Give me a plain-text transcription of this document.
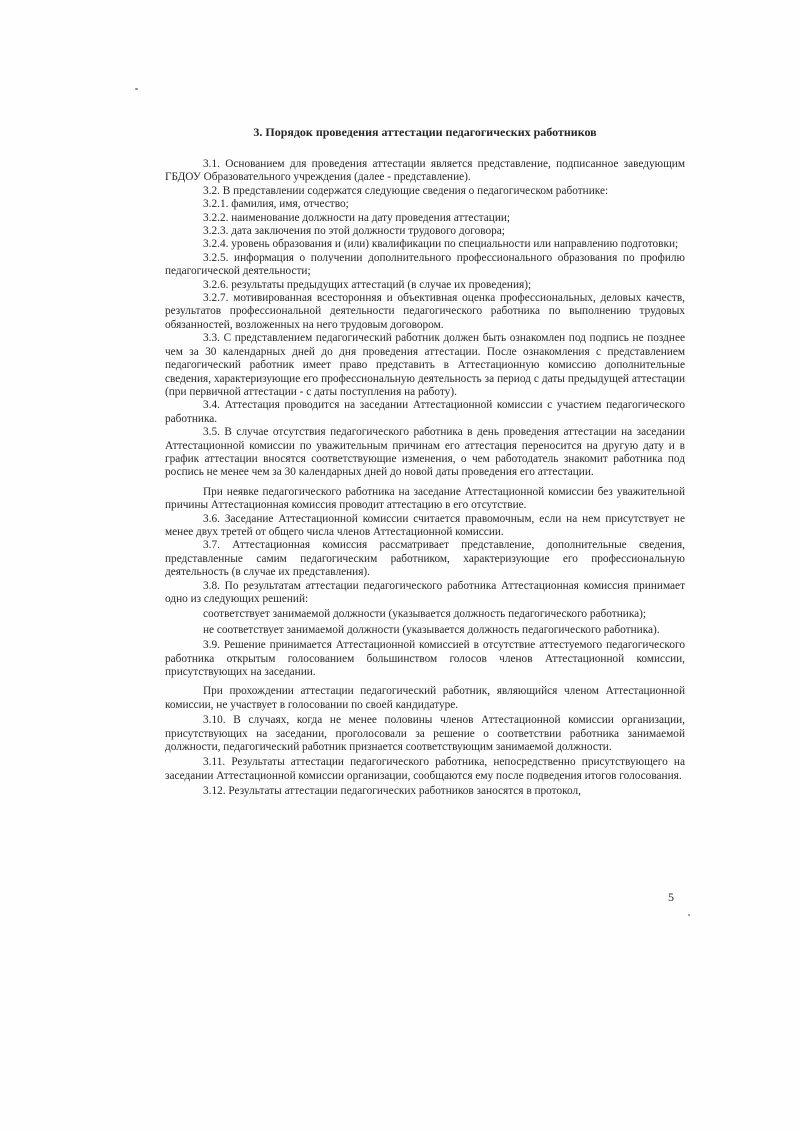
3. Порядок проведения аттестации педагогических работников

3.1. Основанием для проведения аттестации является представление, подписанное заведующим ГБДОУ Образовательного учреждения (далее - представление).

3.2. В представлении содержатся следующие сведения о педагогическом работнике:

3.2.1. фамилия, имя, отчество;

3.2.2. наименование должности на дату проведения аттестации;

3.2.3. дата заключения по этой должности трудового договора;

3.2.4. уровень образования и (или) квалификации по специальности или направлению подготовки;

3.2.5. информация о получении дополнительного профессионального образования по профилю педагогической деятельности;

3.2.6. результаты предыдущих аттестаций (в случае их проведения);

3.2.7. мотивированная всесторонняя и объективная оценка профессиональных, деловых качеств, результатов профессиональной деятельности педагогического работника по выполнению трудовых обязанностей, возложенных на него трудовым договором.

3.3. С представлением педагогический работник должен быть ознакомлен под подпись не позднее чем за 30 календарных дней до дня проведения аттестации. После ознакомления с представлением педагогический работник имеет право представить в Аттестационную комиссию дополнительные сведения, характеризующие его профессиональную деятельность за период с даты предыдущей аттестации (при первичной аттестации - с даты поступления на работу).

3.4. Аттестация проводится на заседании Аттестационной комиссии с участием педагогического работника.

3.5. В случае отсутствия педагогического работника в день проведения аттестации на заседании Аттестационной комиссии по уважительным причинам его аттестация переносится на другую дату и в график аттестации вносятся соответствующие изменения, о чем работодатель знакомит работника под роспись не менее чем за 30 календарных дней до новой даты проведения его аттестации.

При неявке педагогического работника на заседание Аттестационной комиссии без уважительной причины Аттестационная комиссия проводит аттестацию в его отсутствие.

3.6. Заседание Аттестационной комиссии считается правомочным, если на нем присутствует не менее двух третей от общего числа членов Аттестационной комиссии.

3.7. Аттестационная комиссия рассматривает представление, дополнительные сведения, представленные самим педагогическим работником, характеризующие его профессиональную деятельность (в случае их представления).

3.8. По результатам аттестации педагогического работника Аттестационная комиссия принимает одно из следующих решений:

соответствует занимаемой должности (указывается должность педагогического работника);

не соответствует занимаемой должности (указывается должность педагогического работника).

3.9. Решение принимается Аттестационной комиссией в отсутствие аттестуемого педагогического работника открытым голосованием большинством голосов членов Аттестационной комиссии, присутствующих на заседании.

При прохождении аттестации педагогический работник, являющийся членом Аттестационной комиссии, не участвует в голосовании по своей кандидатуре.

3.10. В случаях, когда не менее половины членов Аттестационной комиссии организации, присутствующих на заседании, проголосовали за решение о соответствии работника занимаемой должности, педагогический работник признается соответствующим занимаемой должности.

3.11. Результаты аттестации педагогического работника, непосредственно присутствующего на заседании Аттестационной комиссии организации, сообщаются ему после подведения итогов голосования.

3.12. Результаты аттестации педагогических работников заносятся в протокол,

5
